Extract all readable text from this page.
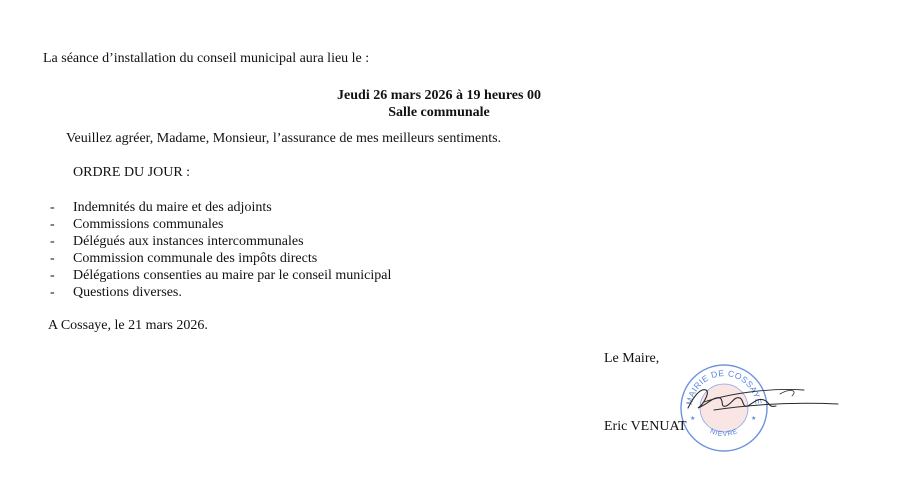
La séance d’installation du conseil municipal aura lieu le :
Jeudi 26 mars 2026 à 19 heures 00
Salle communale
Veuillez agréer, Madame, Monsieur, l’assurance de mes meilleurs sentiments.
ORDRE DU JOUR :
- Indemnités du maire et des adjoints
- Commissions communales
- Délégués aux instances intercommunales
- Commission communale des impôts directs
- Délégations consenties au maire par le conseil municipal
- Questions diverses.
A Cossaye, le 21 mars 2026.
Le Maire,
MAIRIE DE COSSAYE
NIEVRE
★	★
Eric VENUAT
